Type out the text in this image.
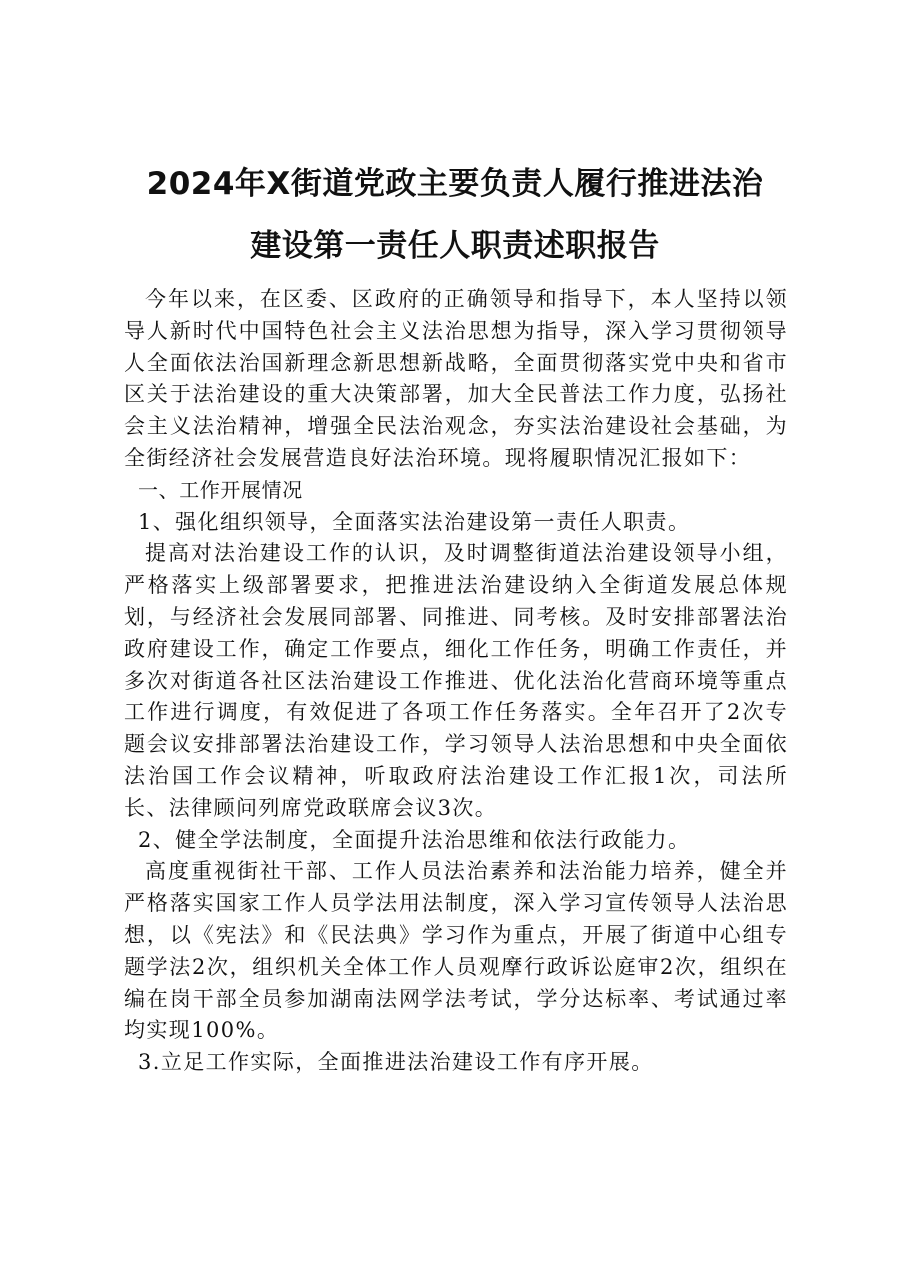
2024年X街道党政主要负责人履行推进法治
建设第一责任人职责述职报告

今年以来，在区委、区政府的正确领导和指导下，本人坚持以领导人新时代中国特色社会主义法治思想为指导，深入学习贯彻领导人全面依法治国新理念新思想新战略，全面贯彻落实党中央和省市区关于法治建设的重大决策部署，加大全民普法工作力度，弘扬社会主义法治精神，增强全民法治观念，夯实法治建设社会基础，为全街经济社会发展营造良好法治环境。现将履职情况汇报如下：

一、工作开展情况

1、强化组织领导，全面落实法治建设第一责任人职责。

提高对法治建设工作的认识，及时调整街道法治建设领导小组，严格落实上级部署要求，把推进法治建设纳入全街道发展总体规划，与经济社会发展同部署、同推进、同考核。及时安排部署法治政府建设工作，确定工作要点，细化工作任务，明确工作责任，并多次对街道各社区法治建设工作推进、优化法治化营商环境等重点工作进行调度，有效促进了各项工作任务落实。全年召开了2次专题会议安排部署法治建设工作，学习领导人法治思想和中央全面依法治国工作会议精神，听取政府法治建设工作汇报1次，司法所长、法律顾问列席党政联席会议3次。

2、健全学法制度，全面提升法治思维和依法行政能力。

高度重视街社干部、工作人员法治素养和法治能力培养，健全并严格落实国家工作人员学法用法制度，深入学习宣传领导人法治思想，以《宪法》和《民法典》学习作为重点，开展了街道中心组专题学法2次，组织机关全体工作人员观摩行政诉讼庭审2次，组织在编在岗干部全员参加湖南法网学法考试，学分达标率、考试通过率均实现100%。

3.立足工作实际，全面推进法治建设工作有序开展。
